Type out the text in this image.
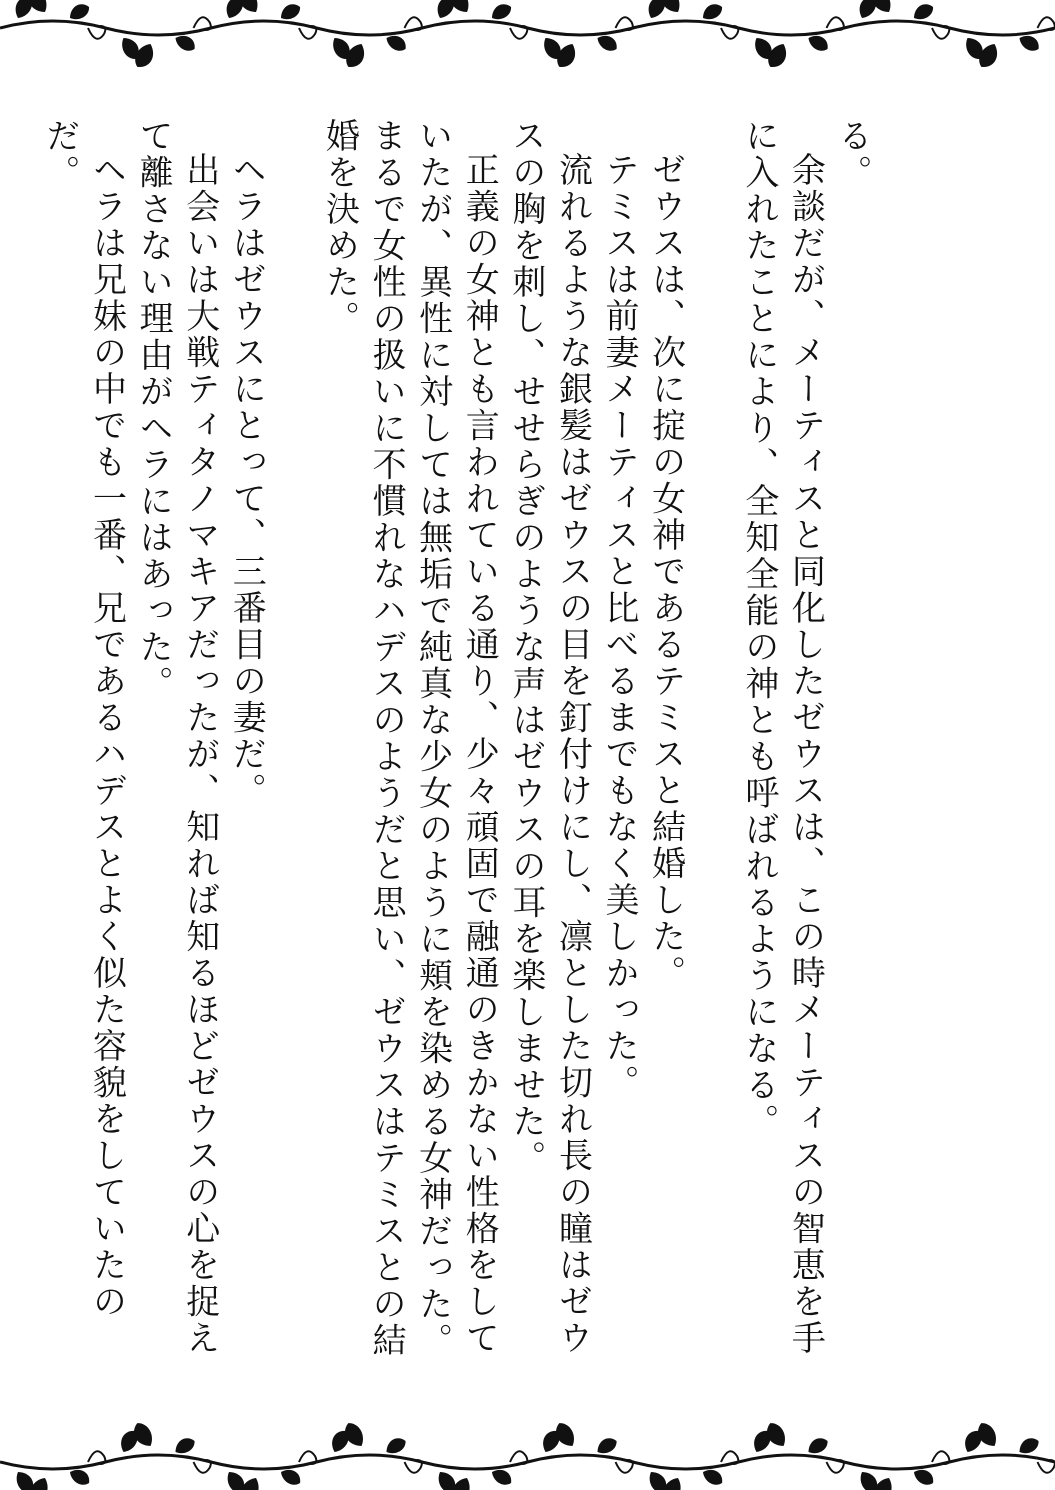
る。

余談だが、メーティスと同化したゼウスは、この時メーティスの智恵を手に入れたことにより、全知全能の神とも呼ばれるようになる。

ゼウスは、次に掟の女神であるテミスと結婚した。

テミスは前妻メーティスと比べるまでもなく美しかった。

流れるような銀髪はゼウスの目を釘付けにし、凛とした切れ長の瞳はゼウスの胸を刺し、せせらぎのような声はゼウスの耳を楽しませた。

正義の女神とも言われている通り、少々頑固で融通のきかない性格をしていたが、異性に対しては無垢で純真な少女のように頬を染める女神だった。まるで女性の扱いに不慣れなハデスのようだと思い、ゼウスはテミスとの結婚を決めた。

ヘラはゼウスにとって、三番目の妻だ。

出会いは大戦ティタノマキアだったが、知れば知るほどゼウスの心を捉えて離さない理由がヘラにはあった。

ヘラは兄妹の中でも一番、兄であるハデスとよく似た容貌をしていたのだ。
